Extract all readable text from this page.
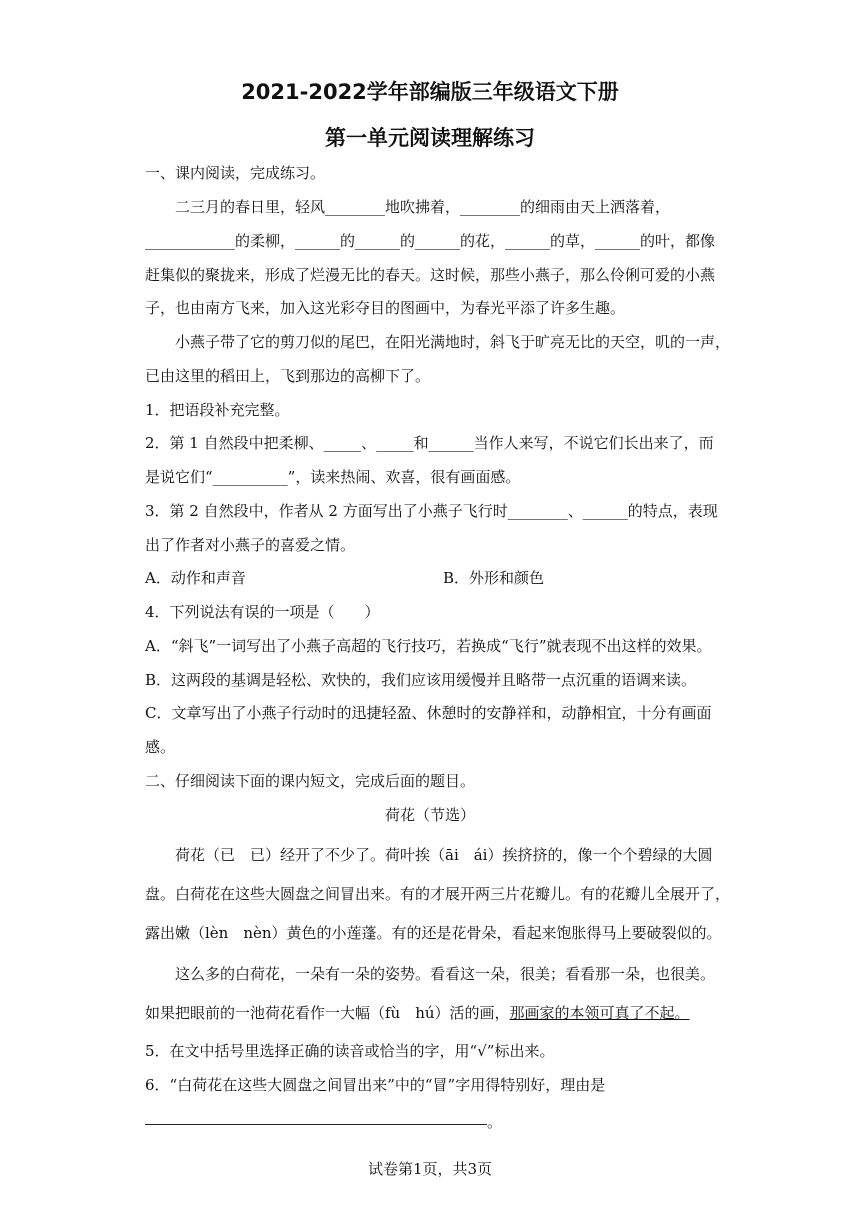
2021-2022学年部编版三年级语文下册
第一单元阅读理解练习
一、课内阅读，完成练习。
二三月的春日里，轻风________地吹拂着，________的细雨由天上洒落着，
____________的柔柳，______的______的______的花，______的草，______的叶，都像
赶集似的聚拢来，形成了烂漫无比的春天。这时候，那些小燕子，那么伶俐可爱的小燕
子，也由南方飞来，加入这光彩夺目的图画中，为春光平添了许多生趣。
小燕子带了它的剪刀似的尾巴，在阳光满地时，斜飞于旷亮无比的天空，叽的一声，
已由这里的稻田上，飞到那边的高柳下了。
1．把语段补充完整。
2．第 1 自然段中把柔柳、_____、_____和______当作人来写，不说它们长出来了，而
是说它们“__________”，读来热闹、欢喜，很有画面感。
3．第 2 自然段中，作者从 2 方面写出了小燕子飞行时________、______的特点，表现
出了作者对小燕子的喜爱之情。
A．动作和声音	B．外形和颜色
4．下列说法有误的一项是（　　）
A．“斜飞”一词写出了小燕子高超的飞行技巧，若换成“飞行”就表现不出这样的效果。
B．这两段的基调是轻松、欢快的，我们应该用缓慢并且略带一点沉重的语调来读。
C．文章写出了小燕子行动时的迅捷轻盈、休憩时的安静祥和，动静相宜，十分有画面
感。
二、仔细阅读下面的课内短文，完成后面的题目。
荷花（节选）
荷花（已　已）经开了不少了。荷叶挨（āi　ái）挨挤挤的，像一个个碧绿的大圆
盘。白荷花在这些大圆盘之间冒出来。有的才展开两三片花瓣儿。有的花瓣儿全展开了，
露出嫩（lèn　nèn）黄色的小莲蓬。有的还是花骨朵，看起来饱胀得马上要破裂似的。
这么多的白荷花，一朵有一朵的姿势。看看这一朵，很美；看看那一朵，也很美。
如果把眼前的一池荷花看作一大幅（fù　hú）活的画，那画家的本领可真了不起。
5．在文中括号里选择正确的读音或恰当的字，用“√”标出来。
6．“白荷花在这些大圆盘之间冒出来”中的“冒”字用得特别好，理由是
。
试卷第1页，共3页
